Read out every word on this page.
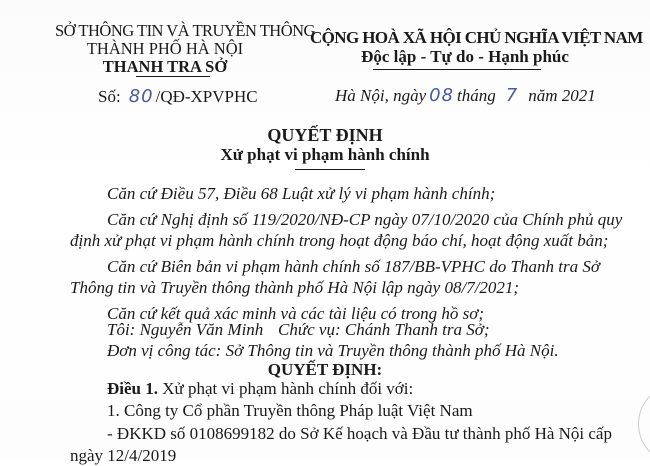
SỞ THÔNG TIN VÀ TRUYỀN THÔNG
THÀNH PHỐ HÀ NỘI
THANH TRA SỞ
Số: 80 /QĐ-XPVPHC
CỘNG HOÀ XÃ HỘI CHỦ NGHĨA VIỆT NAM
Độc lập - Tự do - Hạnh phúc
Hà Nội, ngày 08 tháng 7 năm 2021
QUYẾT ĐỊNH
Xử phạt vi phạm hành chính
Căn cứ Điều 57, Điều 68 Luật xử lý vi phạm hành chính;
Căn cứ Nghị định số 119/2020/NĐ-CP ngày 07/10/2020 của Chính phủ quy
định xử phạt vi phạm hành chính trong hoạt động báo chí, hoạt động xuất bản;
Căn cứ Biên bản vi phạm hành chính số 187/BB-VPHC do Thanh tra Sở
Thông tin và Truyền thông thành phố Hà Nội lập ngày 08/7/2021;
Căn cứ kết quả xác minh và các tài liệu có trong hồ sơ;
Tôi: Nguyễn Văn Minh Chức vụ: Chánh Thanh tra Sở;
Đơn vị công tác: Sở Thông tin và Truyền thông thành phố Hà Nội.
QUYẾT ĐỊNH:
Điều 1. Xử phạt vi phạm hành chính đối với:
1. Công ty Cổ phần Truyền thông Pháp luật Việt Nam
- ĐKKD số 0108699182 do Sở Kế hoạch và Đầu tư thành phố Hà Nội cấp
ngày 12/4/2019
